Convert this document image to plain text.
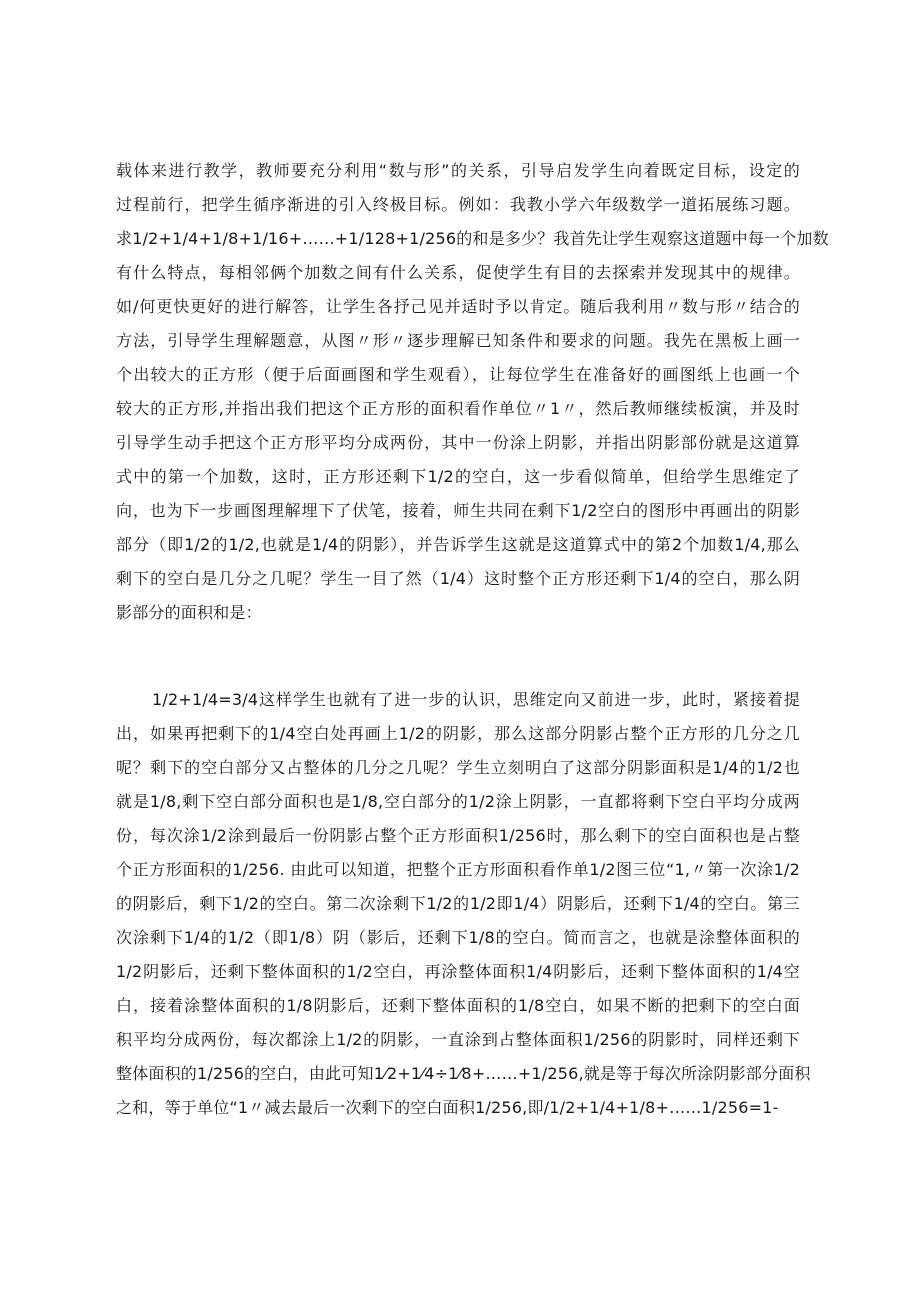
载体来进行教学，教师要充分利用“数与形”的关系，引导启发学生向着既定目标，设定的
过程前行，把学生循序渐进的引入终极目标。例如：我教小学六年级数学一道拓展练习题。
求1/2+1/4+1/8+1/16+……+1/128+1/256的和是多少？我首先让学生观察这道题中每一个加数
有什么特点，每相邻俩个加数之间有什么关系，促使学生有目的去探索并发现其中的规律。
如/何更快更好的进行解答，让学生各抒己见并适时予以肯定。随后我利用〃数与形〃结合的
方法，引导学生理解题意，从图〃形〃逐步理解已知条件和要求的问题。我先在黑板上画一
个出较大的正方形（便于后面画图和学生观看），让每位学生在准备好的画图纸上也画一个
较大的正方形,并指出我们把这个正方形的面积看作单位〃1〃，然后教师继续板演，并及时
引导学生动手把这个正方形平均分成两份，其中一份涂上阴影，并指出阴影部份就是这道算
式中的第一个加数，这时，正方形还剩下1/2的空白，这一步看似简单，但给学生思维定了
向，也为下一步画图理解埋下了伏笔，接着，师生共同在剩下1/2空白的图形中再画出的阴影
部分（即1/2的1/2,也就是1/4的阴影），并告诉学生这就是这道算式中的第2个加数1/4,那么
剩下的空白是几分之几呢？学生一目了然（1/4）这时整个正方形还剩下1/4的空白，那么阴
影部分的面积和是：
1/2+1/4=3/4这样学生也就有了进一步的认识，思维定向又前进一步，此时，紧接着提
出，如果再把剩下的1/4空白处再画上1/2的阴影，那么这部分阴影占整个正方形的几分之几
呢？剩下的空白部分又占整体的几分之几呢？学生立刻明白了这部分阴影面积是1/4的1/2也
就是1/8,剩下空白部分面积也是1/8,空白部分的1/2涂上阴影，一直都将剩下空白平均分成两
份，每次涂1/2涂到最后一份阴影占整个正方形面积1/256时，那么剩下的空白面积也是占整
个正方形面积的1/256. 由此可以知道，把整个正方形面积看作单1/2图三位“1,〃第一次涂1/2
的阴影后，剩下1/2的空白。第二次涂剩下1/2的1/2即1/4）阴影后，还剩下1/4的空白。第三
次涂剩下1/4的1/2（即1/8）阴（影后，还剩下1/8的空白。简而言之，也就是涂整体面积的
1/2阴影后，还剩下整体面积的1/2空白，再涂整体面积1/4阴影后，还剩下整体面积的1/4空
白，接着涂整体面积的1/8阴影后，还剩下整体面积的1/8空白，如果不断的把剩下的空白面
积平均分成两份，每次都涂上1/2的阴影，一直涂到占整体面积1/256的阴影时，同样还剩下
整体面积的1/256的空白，由此可知1⁄2+1⁄4÷1⁄8+……+1/256,就是等于每次所涂阴影部分面积
之和，等于单位“1〃减去最后一次剩下的空白面积1/256,即/1/2+1/4+1/8+……1/256=1-
